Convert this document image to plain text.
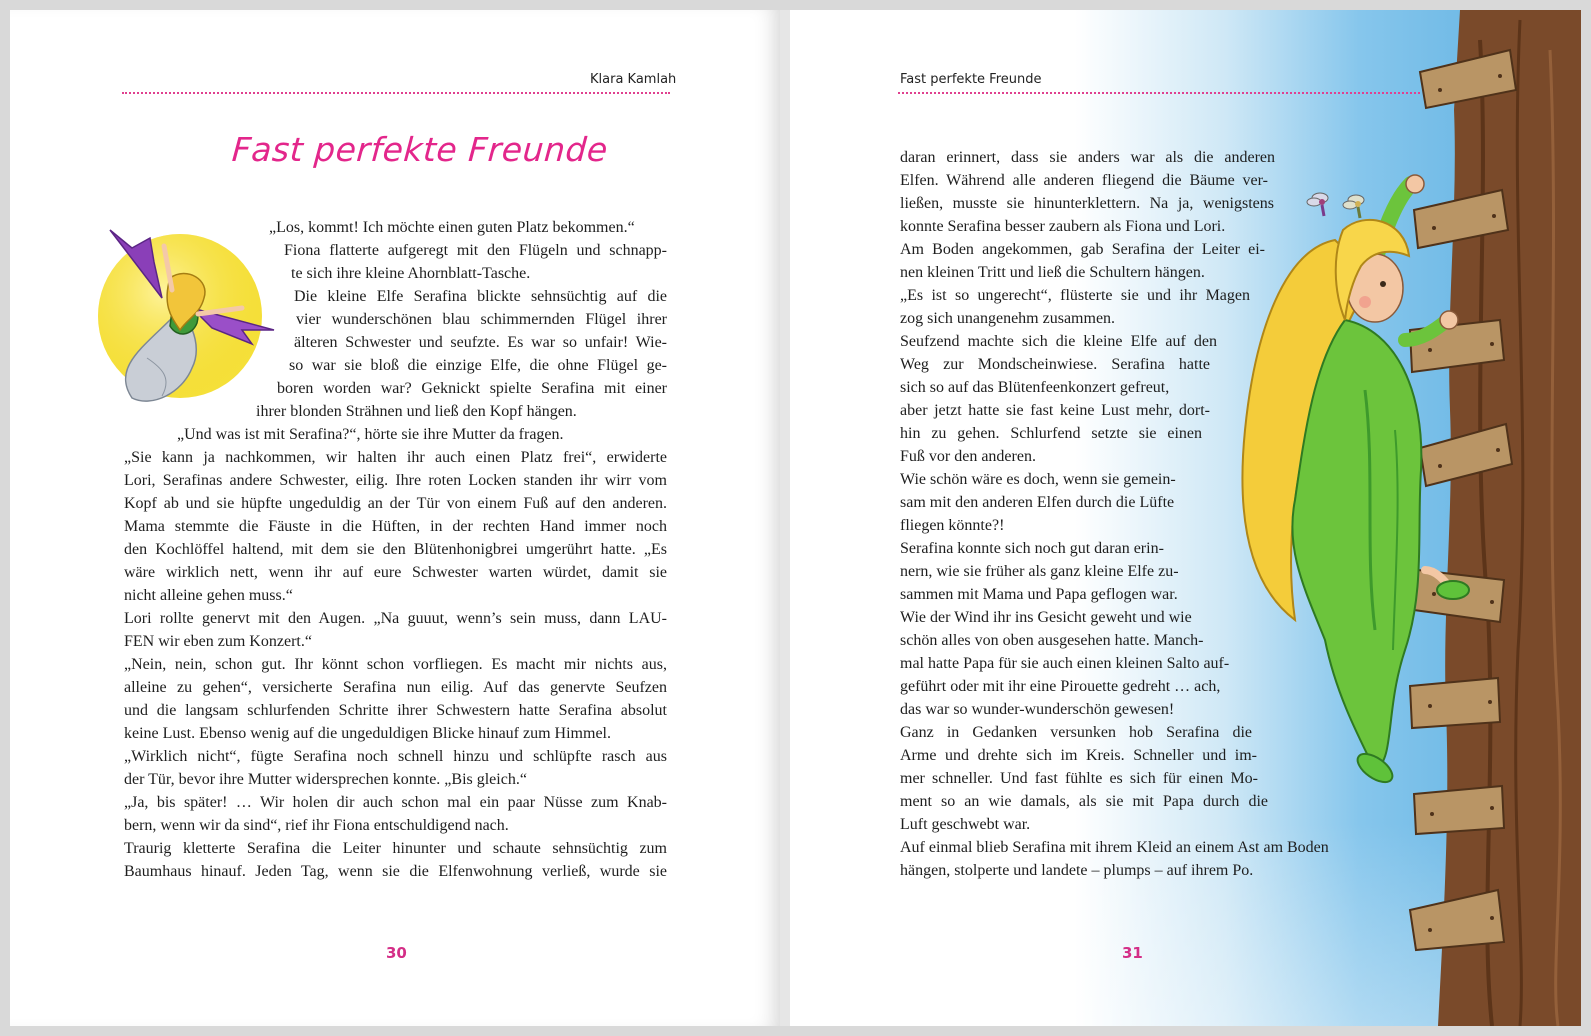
Klara Kamlah
Fast perfekte Freunde
„Los, kommt! Ich möchte einen guten Platz bekommen.“
Fiona flatterte aufgeregt mit den Flügeln und schnapp-
te sich ihre kleine Ahornblatt-Tasche.
Die kleine Elfe Serafina blickte sehnsüchtig auf die
vier wunderschönen blau schimmernden Flügel ihrer
älteren Schwester und seufzte. Es war so unfair! Wie-
so war sie bloß die einzige Elfe, die ohne Flügel ge-
boren worden war? Geknickt spielte Serafina mit einer
ihrer blonden Strähnen und ließ den Kopf hängen.
„Und was ist mit Serafina?“, hörte sie ihre Mutter da fragen.
„Sie kann ja nachkommen, wir halten ihr auch einen Platz frei“, erwiderte
Lori, Serafinas andere Schwester, eilig. Ihre roten Locken standen ihr wirr vom
Kopf ab und sie hüpfte ungeduldig an der Tür von einem Fuß auf den anderen.
Mama stemmte die Fäuste in die Hüften, in der rechten Hand immer noch
den Kochlöffel haltend, mit dem sie den Blütenhonigbrei umgerührt hatte. „Es
wäre wirklich nett, wenn ihr auf eure Schwester warten würdet, damit sie
nicht alleine gehen muss.“
Lori rollte genervt mit den Augen. „Na guuut, wenn’s sein muss, dann LAU-
FEN wir eben zum Konzert.“
„Nein, nein, schon gut. Ihr könnt schon vorfliegen. Es macht mir nichts aus,
alleine zu gehen“, versicherte Serafina nun eilig. Auf das genervte Seufzen
und die langsam schlurfenden Schritte ihrer Schwestern hatte Serafina absolut
keine Lust. Ebenso wenig auf die ungeduldigen Blicke hinauf zum Himmel.
„Wirklich nicht“, fügte Serafina noch schnell hinzu und schlüpfte rasch aus
der Tür, bevor ihre Mutter widersprechen konnte. „Bis gleich.“
„Ja, bis später! … Wir holen dir auch schon mal ein paar Nüsse zum Knab-
bern, wenn wir da sind“, rief ihr Fiona entschuldigend nach.
Traurig kletterte Serafina die Leiter hinunter und schaute sehnsüchtig zum
Baumhaus hinauf. Jeden Tag, wenn sie die Elfenwohnung verließ, wurde sie
30
Fast perfekte Freunde
daran erinnert, dass sie anders war als die anderen
Elfen. Während alle anderen fliegend die Bäume ver-
ließen, musste sie hinunterklettern. Na ja, wenigstens
konnte Serafina besser zaubern als Fiona und Lori.
Am Boden angekommen, gab Serafina der Leiter ei-
nen kleinen Tritt und ließ die Schultern hängen.
„Es ist so ungerecht“, flüsterte sie und ihr Magen
zog sich unangenehm zusammen.
Seufzend machte sich die kleine Elfe auf den
Weg zur Mondscheinwiese. Serafina hatte
sich so auf das Blütenfeenkonzert gefreut,
aber jetzt hatte sie fast keine Lust mehr, dort-
hin zu gehen. Schlurfend setzte sie einen
Fuß vor den anderen.
Wie schön wäre es doch, wenn sie gemein-
sam mit den anderen Elfen durch die Lüfte
fliegen könnte?!
Serafina konnte sich noch gut daran erin-
nern, wie sie früher als ganz kleine Elfe zu-
sammen mit Mama und Papa geflogen war.
Wie der Wind ihr ins Gesicht geweht und wie
schön alles von oben ausgesehen hatte. Manch-
mal hatte Papa für sie auch einen kleinen Salto auf-
geführt oder mit ihr eine Pirouette gedreht … ach,
das war so wunder-wunderschön gewesen!
Ganz in Gedanken versunken hob Serafina die
Arme und drehte sich im Kreis. Schneller und im-
mer schneller. Und fast fühlte es sich für einen Mo-
ment so an wie damals, als sie mit Papa durch die
Luft geschwebt war.
Auf einmal blieb Serafina mit ihrem Kleid an einem Ast am Boden
hängen, stolperte und landete – plumps – auf ihrem Po.
31
